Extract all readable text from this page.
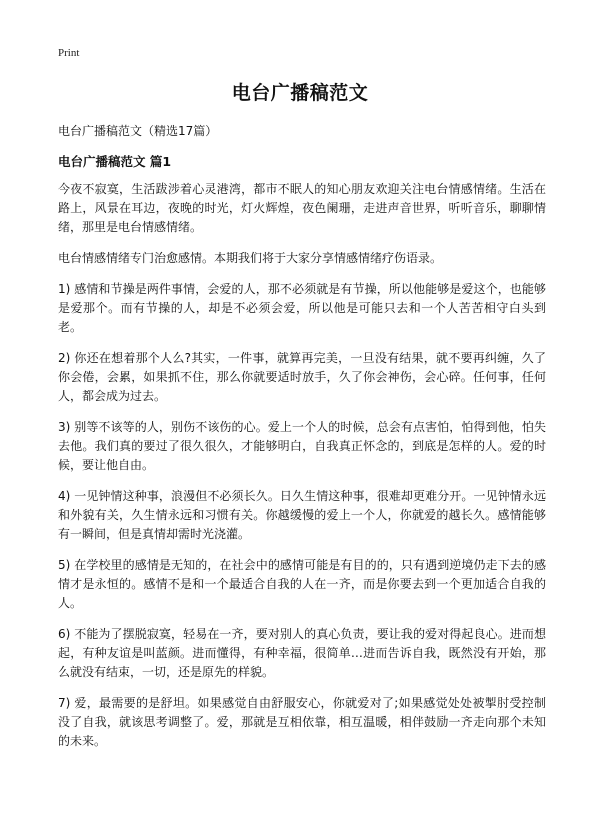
Print
电台广播稿范文
电台广播稿范文（精选17篇）
电台广播稿范文 篇1

今夜不寂寞，生活跋涉着心灵港湾，都市不眠人的知心朋友欢迎关注电台情感情绪。生活在路上，风景在耳边，夜晚的时光，灯火辉煌，夜色阑珊，走进声音世界，听听音乐，聊聊情绪，那里是电台情感情绪。

电台情感情绪专门治愈感情。本期我们将于大家分享情感情绪疗伤语录。

1) 感情和节操是两件事情，会爱的人，那不必须就是有节操，所以他能够是爱这个，也能够是爱那个。而有节操的人，却是不必须会爱，所以他是可能只去和一个人苦苦相守白头到老。

2) 你还在想着那个人么?其实，一件事，就算再完美，一旦没有结果，就不要再纠缠，久了你会倦，会累，如果抓不住，那么你就要适时放手，久了你会神伤，会心碎。任何事，任何人，都会成为过去。

3) 别等不该等的人，别伤不该伤的心。爱上一个人的时候，总会有点害怕，怕得到他，怕失去他。我们真的要过了很久很久，才能够明白，自我真正怀念的，到底是怎样的人。爱的时候，要让他自由。

4) 一见钟情这种事，浪漫但不必须长久。日久生情这种事，很难却更难分开。一见钟情永远和外貌有关，久生情永远和习惯有关。你越缓慢的爱上一个人，你就爱的越长久。感情能够有一瞬间，但是真情却需时光浇灌。

5) 在学校里的感情是无知的，在社会中的感情可能是有目的的，只有遇到逆境仍走下去的感情才是永恒的。感情不是和一个最适合自我的人在一齐，而是你要去到一个更加适合自我的人。

6) 不能为了摆脱寂寞，轻易在一齐，要对别人的真心负责，要让我的爱对得起良心。进而想起，有种友谊是叫蓝颜。进而懂得，有种幸福，很简单…进而告诉自我，既然没有开始，那么就没有结束，一切，还是原先的样貌。

7) 爱，最需要的是舒坦。如果感觉自由舒服安心，你就爱对了;如果感觉处处被掣肘受控制没了自我，就该思考调整了。爱，那就是互相依靠，相互温暖，相伴鼓励一齐走向那个未知的未来。
